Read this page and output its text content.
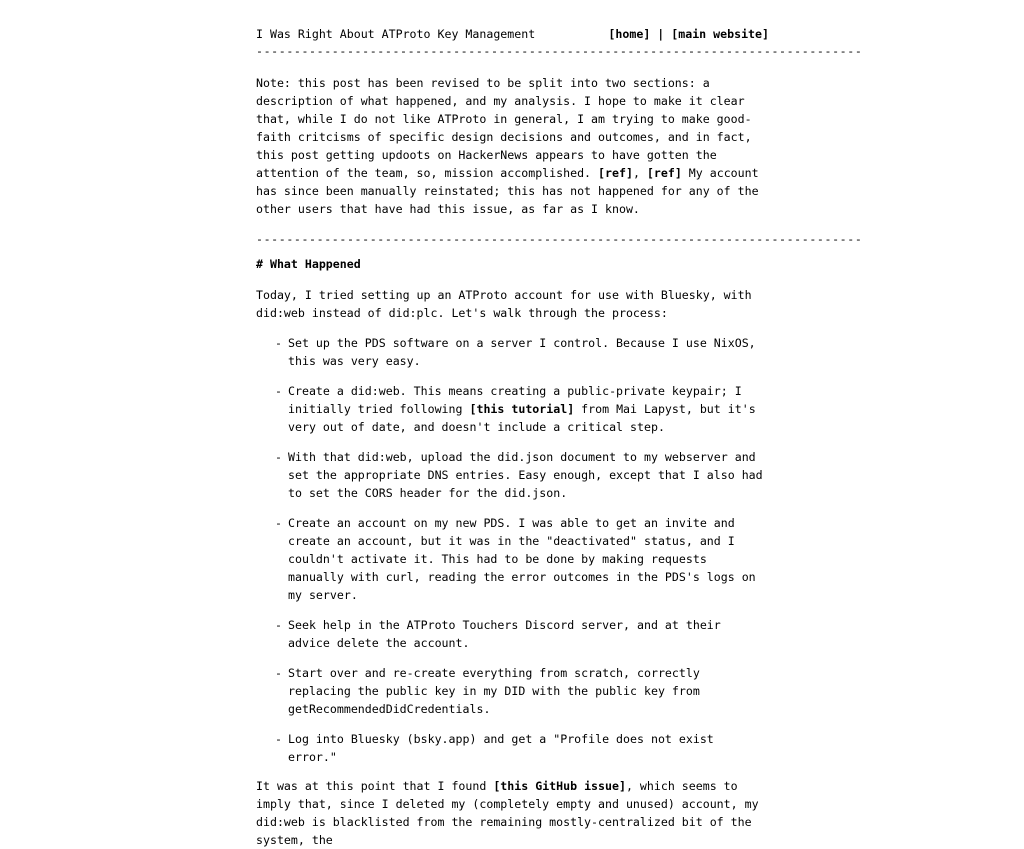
I Was Right About ATProto Key Management	[home] | [main website]
--------------------------------------------------------------------------------

Note: this post has been revised to be split into two sections: a description of what happened, and my analysis. I hope to make it clear that, while I do not like ATProto in general, I am trying to make good-faith critcisms of specific design decisions and outcomes, and in fact, this post getting updoots on HackerNews appears to have gotten the attention of the team, so, mission accomplished. [ref], [ref] My account has since been manually reinstated; this has not happened for any of the other users that have had this issue, as far as I know.

--------------------------------------------------------------------------------
# What Happened

Today, I tried setting up an ATProto account for use with Bluesky, with did:web instead of did:plc. Let's walk through the process:

- Set up the PDS software on a server I control. Because I use NixOS, this was very easy.
- Create a did:web. This means creating a public-private keypair; I initially tried following [this tutorial] from Mai Lapyst, but it's very out of date, and doesn't include a critical step.
- With that did:web, upload the did.json document to my webserver and set the appropriate DNS entries. Easy enough, except that I also had to set the CORS header for the did.json.
- Create an account on my new PDS. I was able to get an invite and create an account, but it was in the "deactivated" status, and I couldn't activate it. This had to be done by making requests manually with curl, reading the error outcomes in the PDS's logs on my server.
- Seek help in the ATProto Touchers Discord server, and at their advice delete the account.
- Start over and re-create everything from scratch, correctly replacing the public key in my DID with the public key from getRecommendedDidCredentials.
- Log into Bluesky (bsky.app) and get a "Profile does not exist error."

It was at this point that I found [this GitHub issue], which seems to imply that, since I deleted my (completely empty and unused) account, my did:web is blacklisted from the remaining mostly-centralized bit of the system, the
